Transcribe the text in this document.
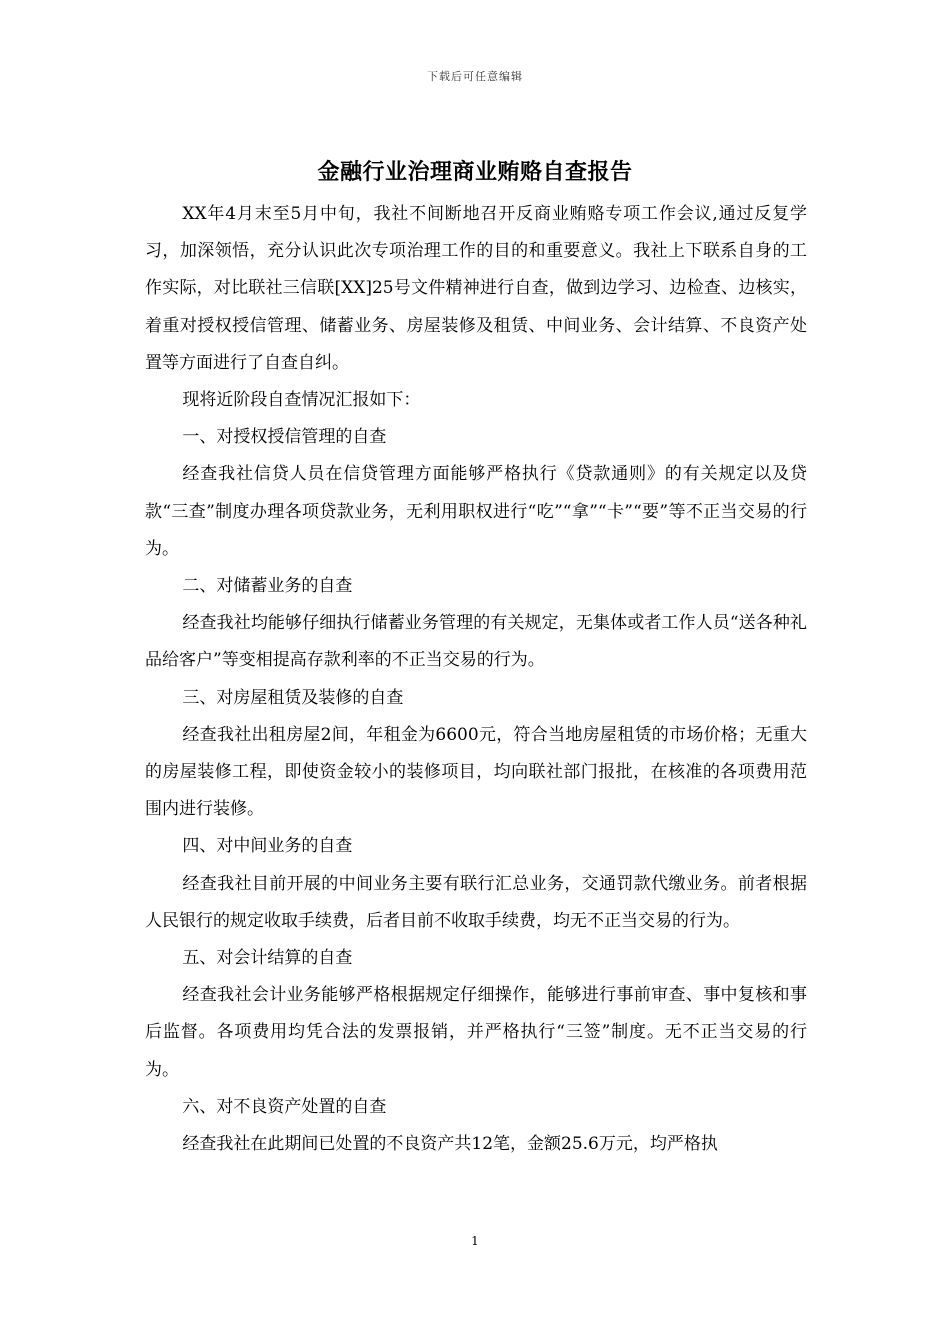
下载后可任意编辑
金融行业治理商业贿赂自查报告

XX年4月末至5月中旬，我社不间断地召开反商业贿赂专项工作会议,通过反复学习，加深领悟，充分认识此次专项治理工作的目的和重要意义。我社上下联系自身的工作实际，对比联社三信联[XX]25号文件精神进行自查，做到边学习、边检查、边核实，着重对授权授信管理、储蓄业务、房屋装修及租赁、中间业务、会计结算、不良资产处置等方面进行了自查自纠。

现将近阶段自查情况汇报如下：

一、对授权授信管理的自查

经查我社信贷人员在信贷管理方面能够严格执行《贷款通则》的有关规定以及贷款“三查”制度办理各项贷款业务，无利用职权进行“吃”“拿”“卡”“要”等不正当交易的行为。

二、对储蓄业务的自查

经查我社均能够仔细执行储蓄业务管理的有关规定，无集体或者工作人员“送各种礼品给客户”等变相提高存款利率的不正当交易的行为。

三、对房屋租赁及装修的自查

经查我社出租房屋2间，年租金为6600元，符合当地房屋租赁的市场价格；无重大的房屋装修工程，即使资金较小的装修项目，均向联社部门报批，在核准的各项费用范围内进行装修。

四、对中间业务的自查

经查我社目前开展的中间业务主要有联行汇总业务，交通罚款代缴业务。前者根据人民银行的规定收取手续费，后者目前不收取手续费，均无不正当交易的行为。

五、对会计结算的自查

经查我社会计业务能够严格根据规定仔细操作，能够进行事前审查、事中复核和事后监督。各项费用均凭合法的发票报销，并严格执行“三签”制度。无不正当交易的行为。

六、对不良资产处置的自查

经查我社在此期间已处置的不良资产共12笔，金额25.6万元，均严格执

1
